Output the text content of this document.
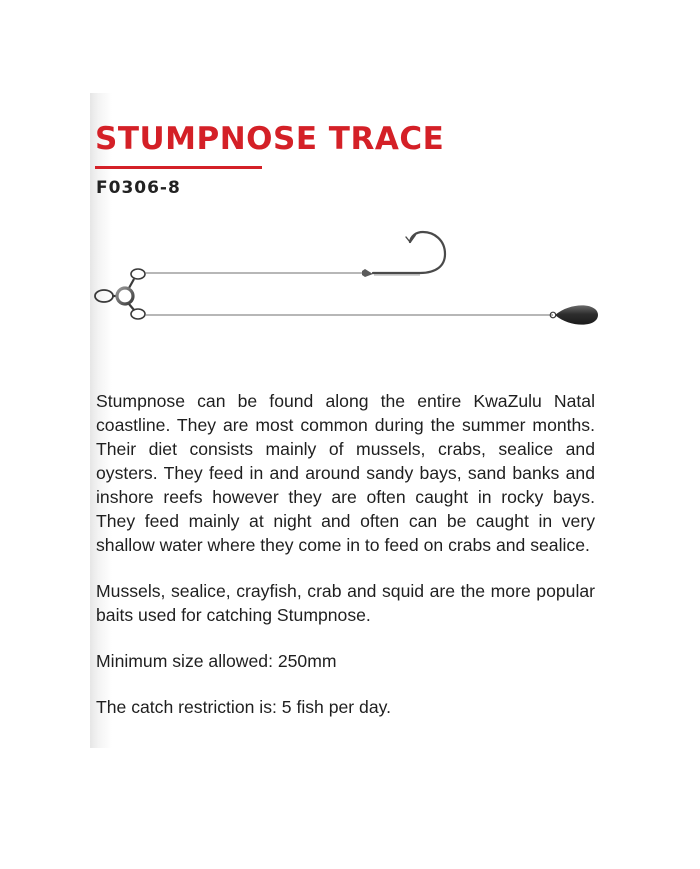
STUMPNOSE TRACE

F0306-8

Stumpnose can be found along the entire KwaZulu Natal coastline. They are most common during the summer months. Their diet consists mainly of mussels, crabs, sealice and oysters. They feed in and around sandy bays, sand banks and inshore reefs however they are often caught in rocky bays. They feed mainly at night and often can be caught in very shallow water where they come in to feed on crabs and sealice.

Mussels, sealice, crayfish, crab and squid are the more popular baits used for catching Stumpnose.

Minimum size allowed: 250mm

The catch restriction is: 5 fish per day.
